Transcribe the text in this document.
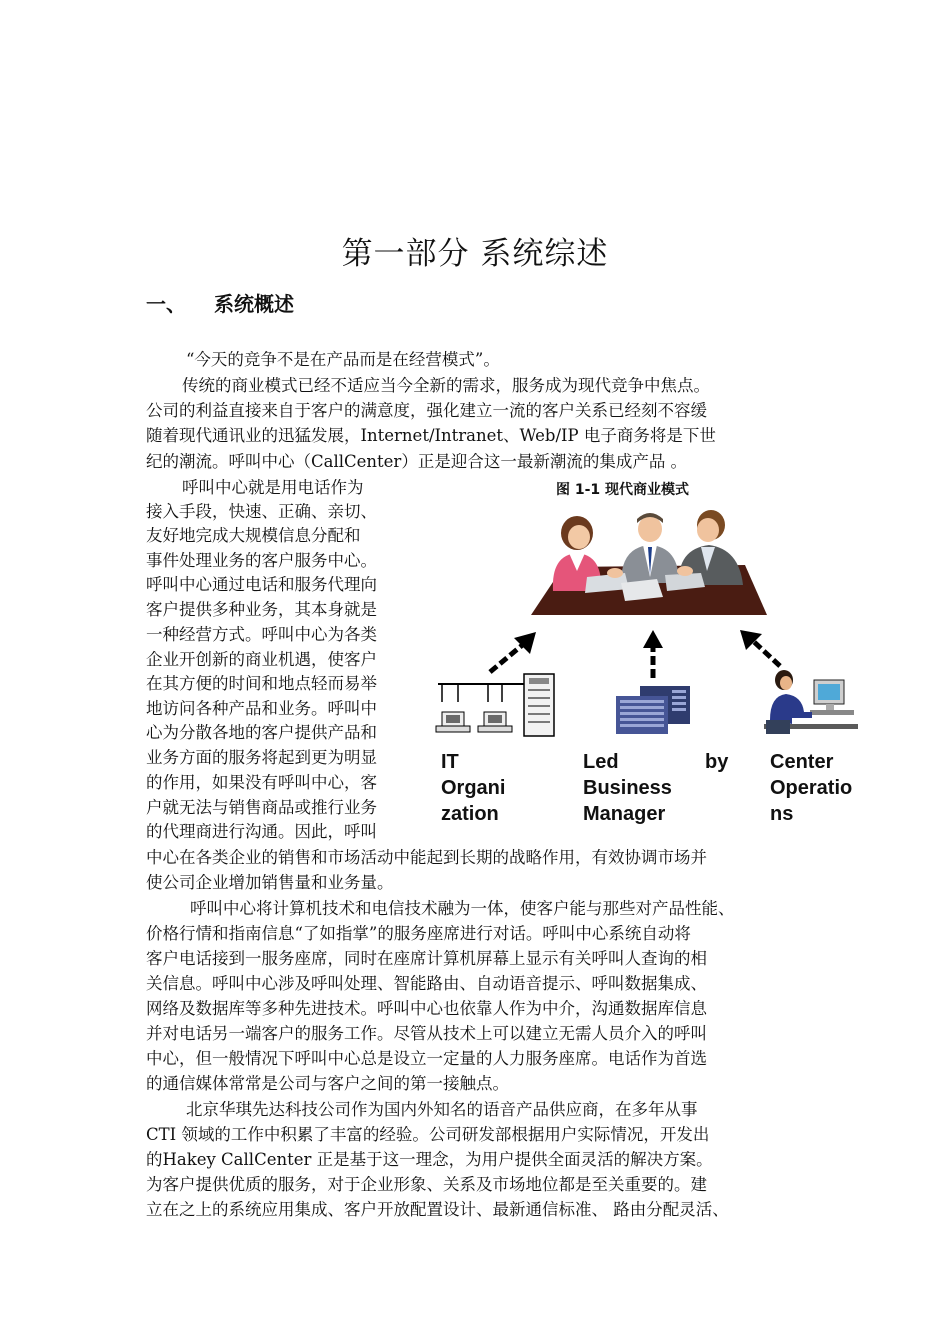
第一部分 系统综述
一、 系统概述
“今天的竞争不是在产品而是在经营模式”。
传统的商业模式已经不适应当今全新的需求，服务成为现代竞争中焦点。
公司的利益直接来自于客户的满意度，强化建立一流的客户关系已经刻不容缓
随着现代通讯业的迅猛发展，Internet/Intranet、Web/IP 电子商务将是下世
纪的潮流。呼叫中心（CallCenter）正是迎合这一最新潮流的集成产品 。
呼叫中心就是用电话作为
接入手段，快速、正确、亲切、
友好地完成大规模信息分配和
事件处理业务的客户服务中心。
呼叫中心通过电话和服务代理向
客户提供多种业务，其本身就是
一种经营方式。呼叫中心为各类
企业开创新的商业机遇，使客户
在其方便的时间和地点轻而易举
地访问各种产品和业务。呼叫中
心为分散各地的客户提供产品和
业务方面的服务将起到更为明显
的作用，如果没有呼叫中心，客
户就无法与销售商品或推行业务
的代理商进行沟通。因此，呼叫
中心在各类企业的销售和市场活动中能起到长期的战略作用，有效协调市场并
使公司企业增加销售量和业务量。
呼叫中心将计算机技术和电信技术融为一体，使客户能与那些对产品性能、
价格行情和指南信息“了如指掌”的服务座席进行对话。呼叫中心系统自动将
客户电话接到一服务座席，同时在座席计算机屏幕上显示有关呼叫人查询的相
关信息。呼叫中心涉及呼叫处理、智能路由、自动语音提示、呼叫数据集成、
网络及数据库等多种先进技术。呼叫中心也依靠人作为中介，沟通数据库信息
并对电话另一端客户的服务工作。尽管从技术上可以建立无需人员介入的呼叫
中心，但一般情况下呼叫中心总是设立一定量的人力服务座席。电话作为首选
的通信媒体常常是公司与客户之间的第一接触点。
北京华琪先达科技公司作为国内外知名的语音产品供应商，在多年从事
CTI 领域的工作中积累了丰富的经验。公司研发部根据用户实际情况，开发出
的Hakey CallCenter 正是基于这一理念，为用户提供全面灵活的解决方案。
为客户提供优质的服务，对于企业形象、关系及市场地位都是至关重要的。建
立在之上的系统应用集成、客户开放配置设计、最新通信标准、 路由分配灵活、
图 1-1 现代商业模式
IT
Organi
zation
Led	by
Business
Manager
Center
Operatio
ns
